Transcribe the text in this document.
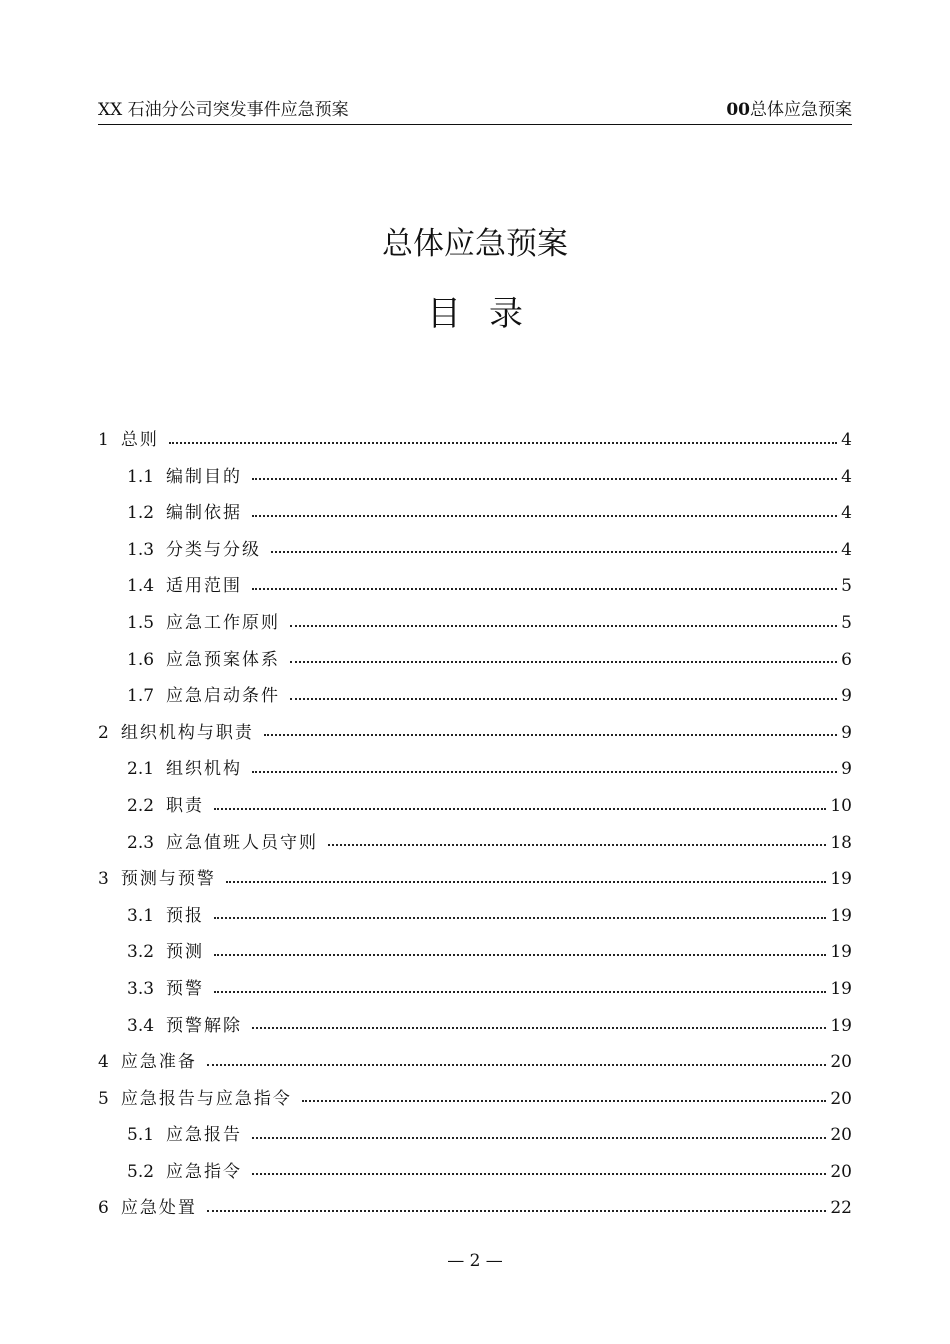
XX 石油分公司突发事件应急预案	00总体应急预案
总体应急预案
目录
1 总则	4
1.1 编制目的	4
1.2 编制依据	4
1.3 分类与分级	4
1.4 适用范围	5
1.5 应急工作原则	5
1.6 应急预案体系	6
1.7 应急启动条件	9
2 组织机构与职责	9
2.1 组织机构	9
2.2 职责	10
2.3 应急值班人员守则	18
3 预测与预警	19
3.1 预报	19
3.2 预测	19
3.3 预警	19
3.4 预警解除	19
4 应急准备	20
5 应急报告与应急指令	20
5.1 应急报告	20
5.2 应急指令	20
6 应急处置	22
— 2 —
